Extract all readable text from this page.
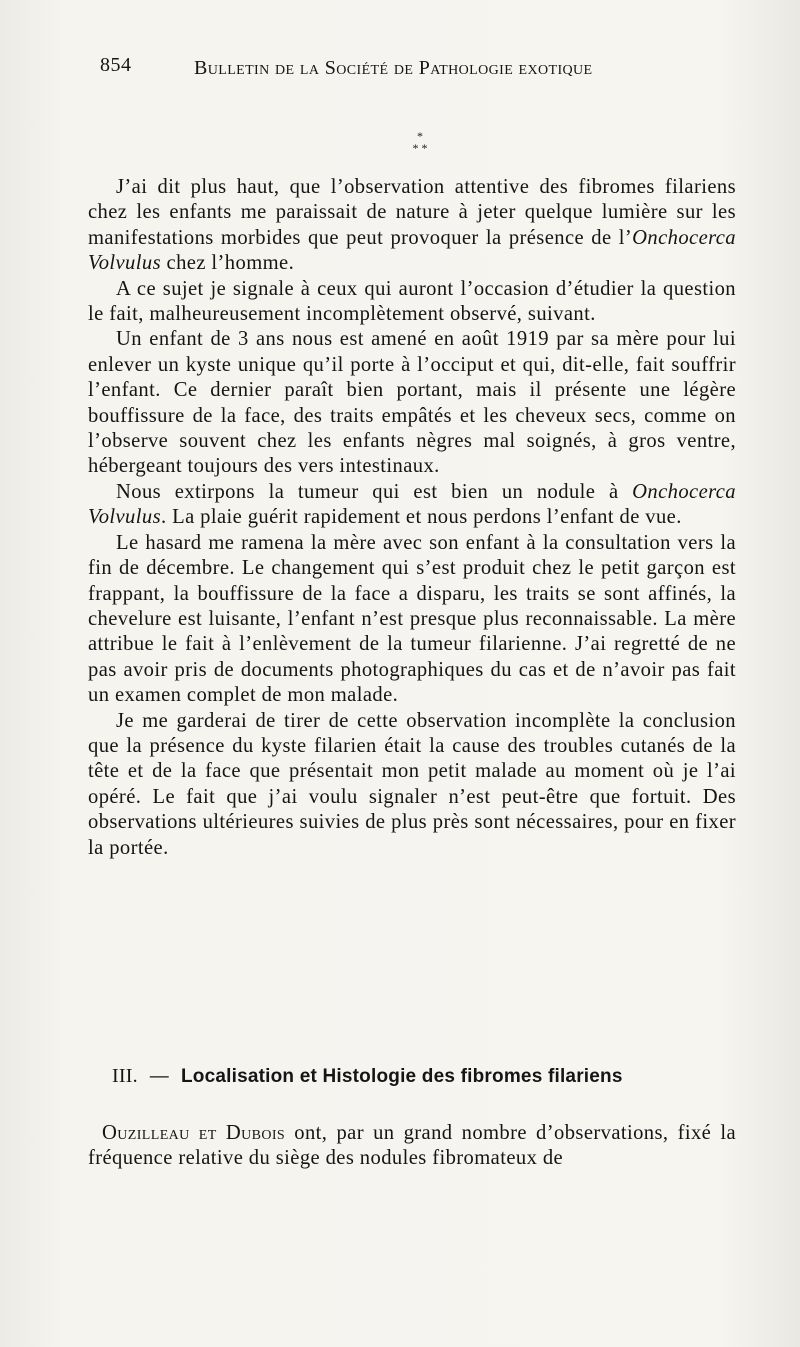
854	Bulletin de la Société de Pathologie exotique
*
* *

J’ai dit plus haut, que l’observation attentive des fibromes filariens chez les enfants me paraissait de nature à jeter quelque lumière sur les manifestations morbides que peut provoquer la présence de l’Onchocerca Volvulus chez l’homme.

A ce sujet je signale à ceux qui auront l’occasion d’étudier la question le fait, malheureusement incomplètement observé, suivant.

Un enfant de 3 ans nous est amené en août 1919 par sa mère pour lui enlever un kyste unique qu’il porte à l’occiput et qui, dit-elle, fait souffrir l’enfant. Ce dernier paraît bien portant, mais il présente une légère bouffissure de la face, des traits empâtés et les cheveux secs, comme on l’observe souvent chez les enfants nègres mal soignés, à gros ventre, hébergeant toujours des vers intestinaux.

Nous extirpons la tumeur qui est bien un nodule à Onchocerca Volvulus. La plaie guérit rapidement et nous perdons l’enfant de vue.

Le hasard me ramena la mère avec son enfant à la consultation vers la fin de décembre. Le changement qui s’est produit chez le petit garçon est frappant, la bouffissure de la face a disparu, les traits se sont affinés, la chevelure est luisante, l’enfant n’est presque plus reconnaissable. La mère attribue le fait à l’enlèvement de la tumeur filarienne. J’ai regretté de ne pas avoir pris de documents photographiques du cas et de n’avoir pas fait un examen complet de mon malade.

Je me garderai de tirer de cette observation incomplète la conclusion que la présence du kyste filarien était la cause des troubles cutanés de la tête et de la face que présentait mon petit malade au moment où je l’ai opéré. Le fait que j’ai voulu signaler n’est peut-être que fortuit. Des observations ultérieures suivies de plus près sont nécessaires, pour en fixer la portée.

III. — Localisation et Histologie des fibromes filariens

Ouzilleau et Dubois ont, par un grand nombre d’observations, fixé la fréquence relative du siège des nodules fibromateux de
